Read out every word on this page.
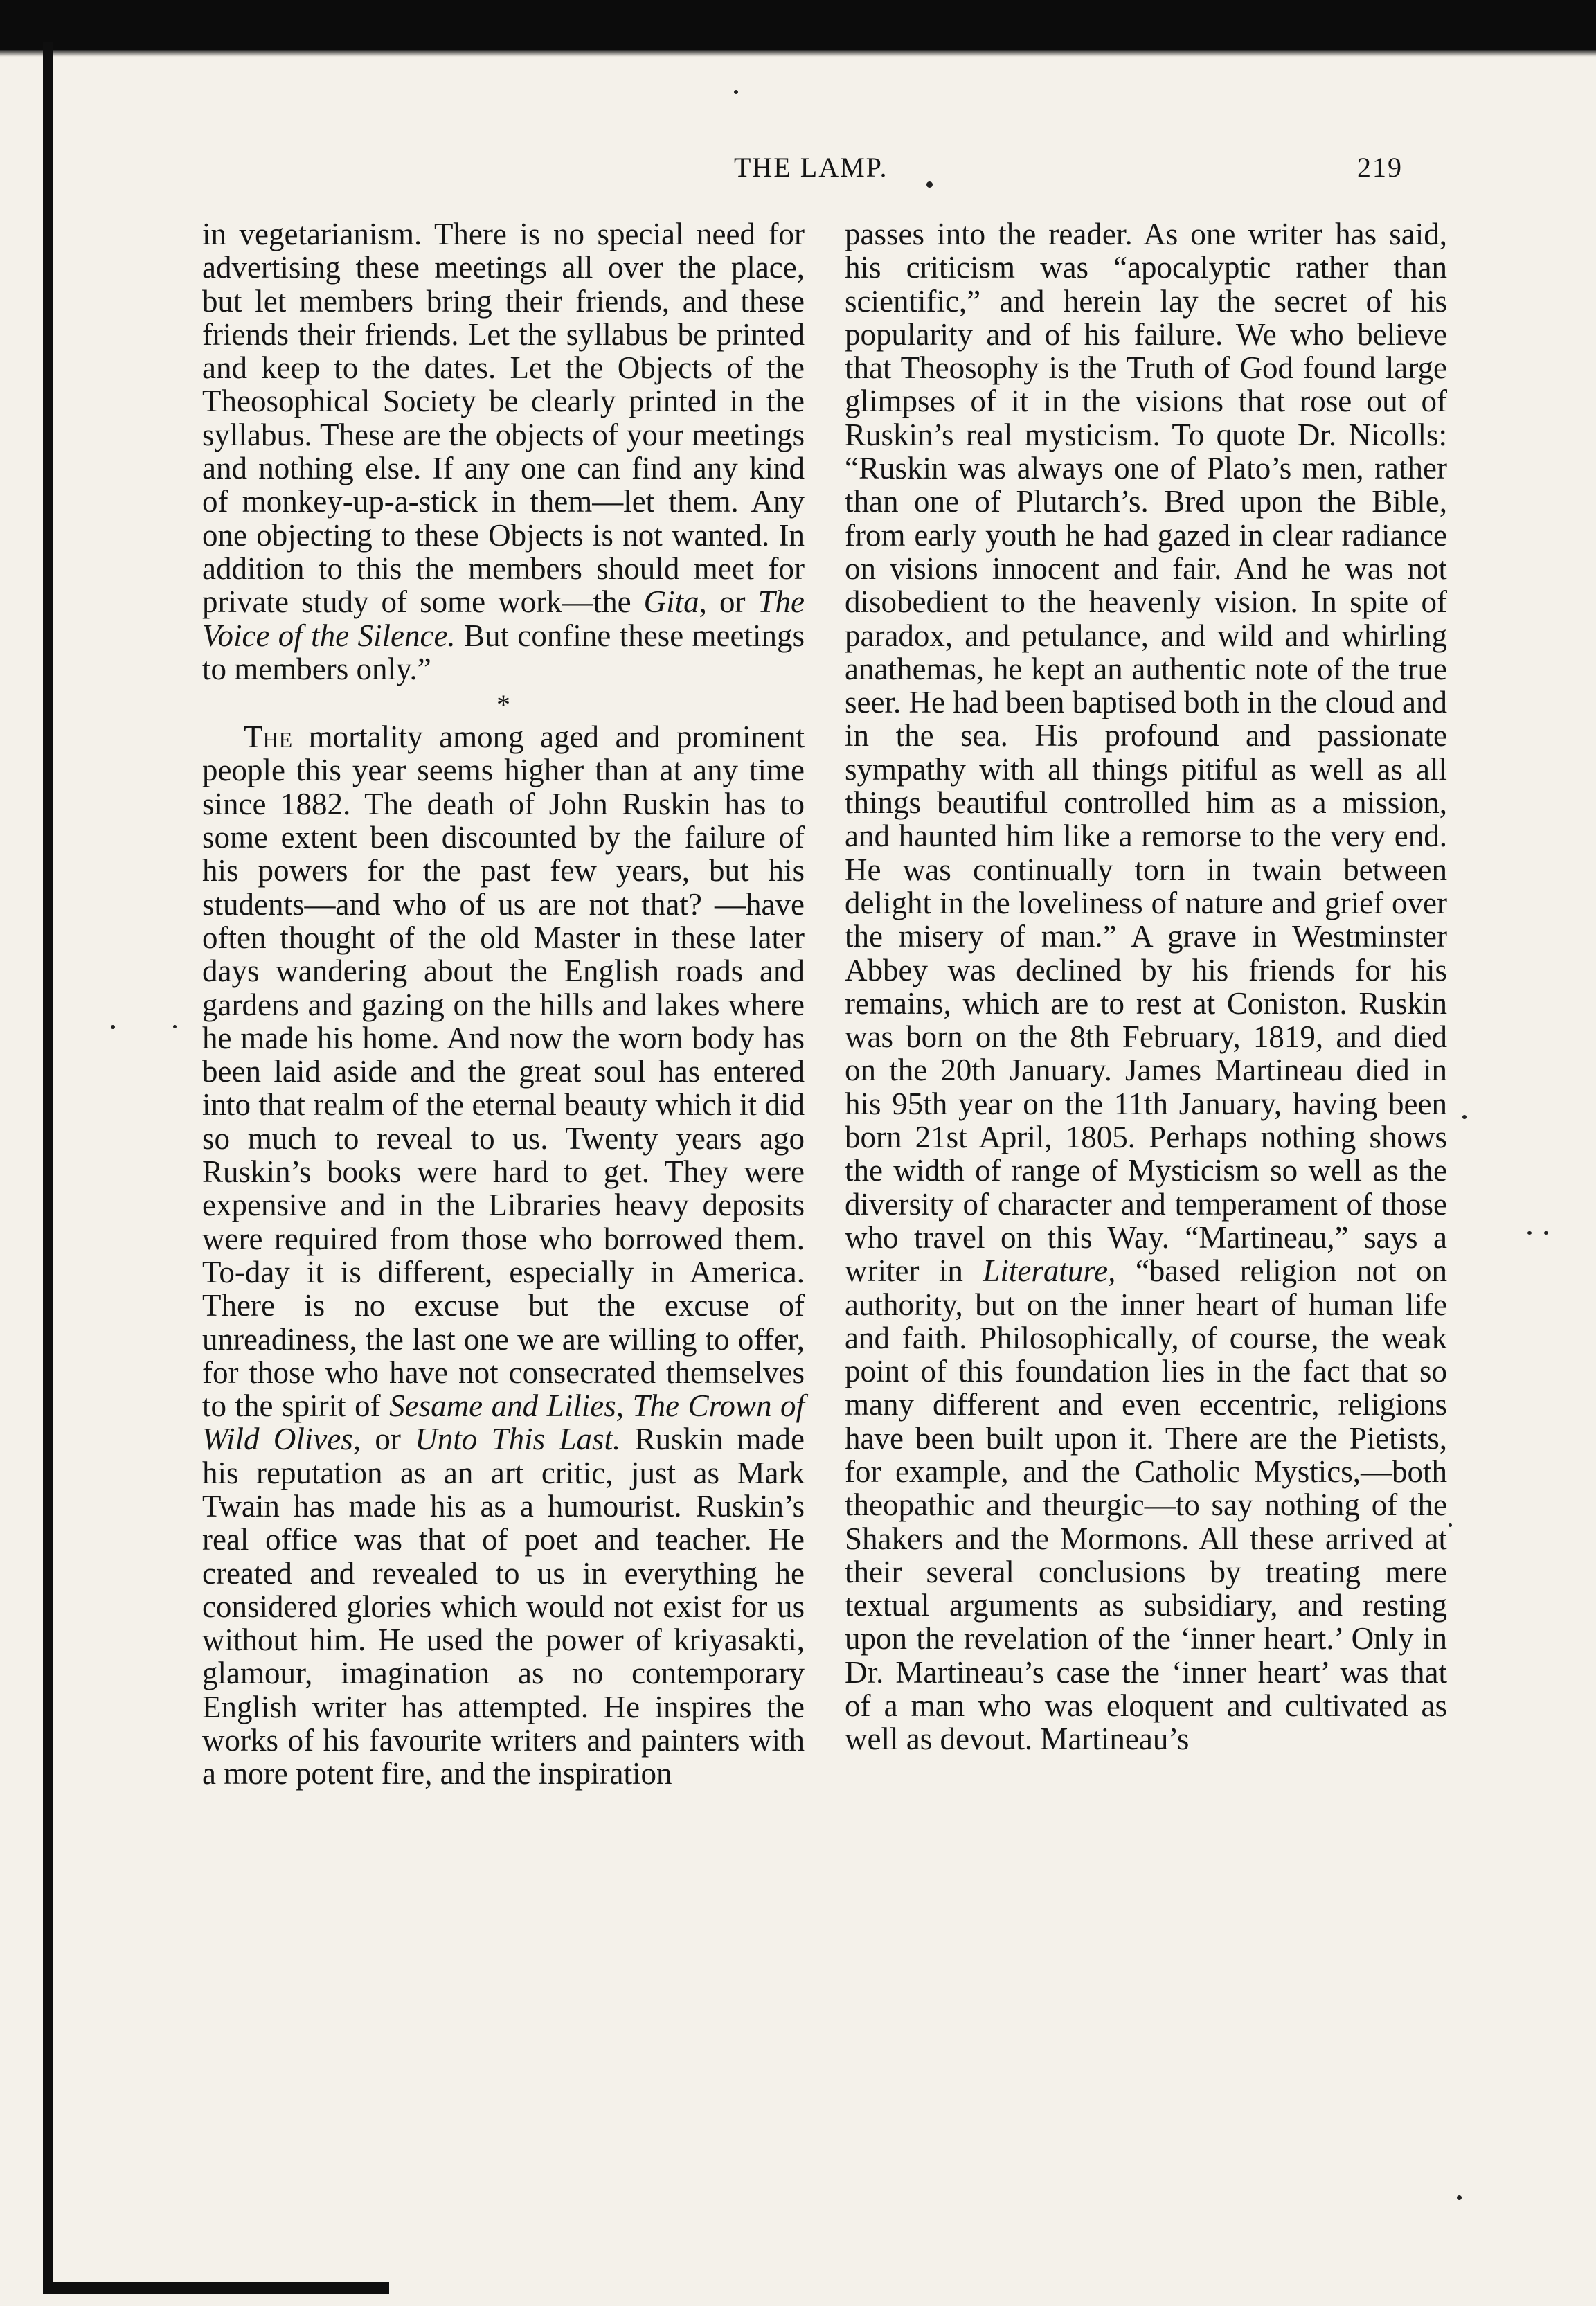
THE LAMP.	219

in vegetarianism. There is no special need for advertising these meetings all over the place, but let members bring their friends, and these friends their friends. Let the syllabus be printed and keep to the dates. Let the Objects of the Theosophical Society be clearly printed in the syllabus. These are the objects of your meetings and nothing else. If any one can find any kind of monkey-up-a-stick in them—let them. Any one objecting to these Objects is not wanted. In addition to this the members should meet for private study of some work—the Gita, or The Voice of the Silence. But confine these meetings to members only.”

*

The mortality among aged and prominent people this year seems higher than at any time since 1882. The death of John Ruskin has to some extent been discounted by the failure of his powers for the past few years, but his students—and who of us are not that? —have often thought of the old Master in these later days wandering about the English roads and gardens and gazing on the hills and lakes where he made his home. And now the worn body has been laid aside and the great soul has entered into that realm of the eternal beauty which it did so much to reveal to us. Twenty years ago Ruskin’s books were hard to get. They were expensive and in the Libraries heavy deposits were required from those who borrowed them. To-day it is different, especially in America. There is no excuse but the excuse of unreadiness, the last one we are willing to offer, for those who have not consecrated themselves to the spirit of Sesame and Lilies, The Crown of Wild Olives, or Unto This Last. Ruskin made his reputation as an art critic, just as Mark Twain has made his as a humourist. Ruskin’s real office was that of poet and teacher. He created and revealed to us in everything he considered glories which would not exist for us without him. He used the power of kriyasakti, glamour, imagination as no contemporary English writer has attempted. He inspires the works of his favourite writers and painters with a more potent fire, and the inspiration

passes into the reader. As one writer has said, his criticism was “apocalyptic rather than scientific,” and herein lay the secret of his popularity and of his failure. We who believe that Theosophy is the Truth of God found large glimpses of it in the visions that rose out of Ruskin’s real mysticism. To quote Dr. Nicolls: “Ruskin was always one of Plato’s men, rather than one of Plutarch’s. Bred upon the Bible, from early youth he had gazed in clear radiance on visions innocent and fair. And he was not disobedient to the heavenly vision. In spite of paradox, and petulance, and wild and whirling anathemas, he kept an authentic note of the true seer. He had been baptised both in the cloud and in the sea. His profound and passionate sympathy with all things pitiful as well as all things beautiful controlled him as a mission, and haunted him like a remorse to the very end. He was continually torn in twain between delight in the loveliness of nature and grief over the misery of man.” A grave in Westminster Abbey was declined by his friends for his remains, which are to rest at Coniston. Ruskin was born on the 8th February, 1819, and died on the 20th January. James Martineau died in his 95th year on the 11th January, having been born 21st April, 1805. Perhaps nothing shows the width of range of Mysticism so well as the diversity of character and temperament of those who travel on this Way. “Martineau,” says a writer in Literature, “based religion not on authority, but on the inner heart of human life and faith. Philosophically, of course, the weak point of this foundation lies in the fact that so many different and even eccentric, religions have been built upon it. There are the Pietists, for example, and the Catholic Mystics,—both theopathic and theurgic—to say nothing of the Shakers and the Mormons. All these arrived at their several conclusions by treating mere textual arguments as subsidiary, and resting upon the revelation of the ‘inner heart.’ Only in Dr. Martineau’s case the ‘inner heart’ was that of a man who was eloquent and cultivated as well as devout. Martineau’s
